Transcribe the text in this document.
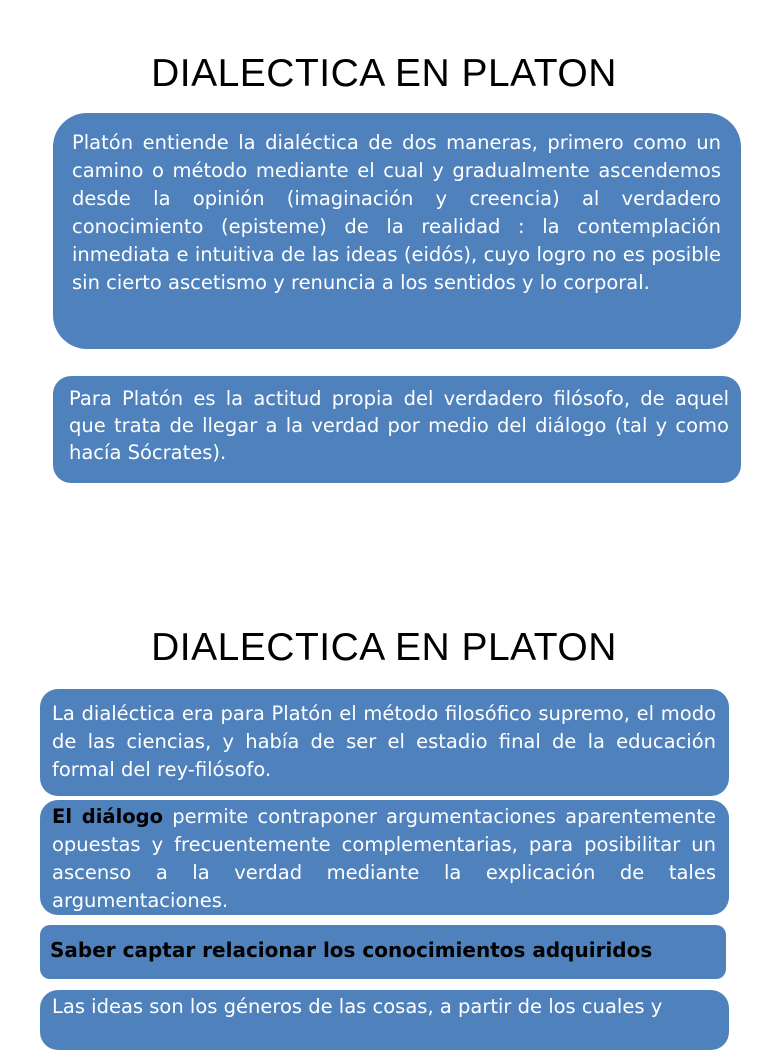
DIALECTICA EN PLATON

Platón entiende la dialéctica de dos maneras, primero como un camino o método mediante el cual y gradualmente ascendemos desde la opinión (imaginación y creencia) al verdadero conocimiento (episteme) de la realidad : la contemplación inmediata e intuitiva de las ideas (eidós), cuyo logro no es posible sin cierto ascetismo y renuncia a los sentidos y lo corporal.

Para Platón es la actitud propia del verdadero filósofo, de aquel que trata de llegar a la verdad por medio del diálogo (tal y como hacía Sócrates).

DIALECTICA EN PLATON

La dialéctica era para Platón el método filosófico supremo, el modo de las ciencias, y había de ser el estadio final de la educación formal del rey-filósofo.

El diálogo permite contraponer argumentaciones aparentemente opuestas y frecuentemente complementarias, para posibilitar un ascenso a la verdad mediante la explicación de tales argumentaciones.

Saber captar relacionar los conocimientos adquiridos

Las ideas son los géneros de las cosas, a partir de los cuales y
